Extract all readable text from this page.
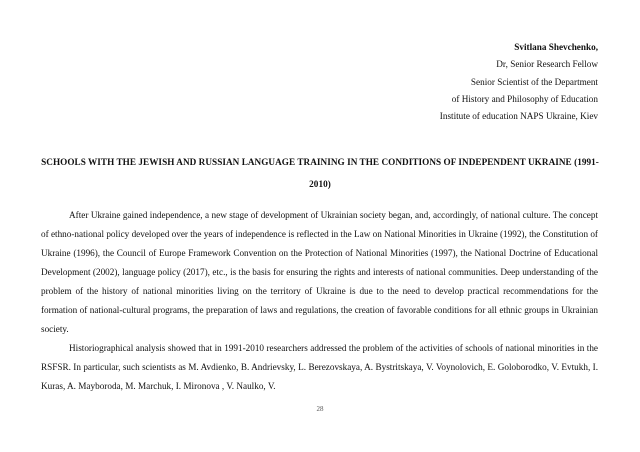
Svitlana Shevchenko,
Dr, Senior Research Fellow
Senior Scientist of the Department
of History and Philosophy of Education
Institute of education NAPS Ukraine, Kiev
SCHOOLS WITH THE JEWISH AND RUSSIAN LANGUAGE TRAINING IN THE CONDITIONS OF INDEPENDENT UKRAINE (1991-2010)

After Ukraine gained independence, a new stage of development of Ukrainian society began, and, accordingly, of national culture. The concept of ethno-national policy developed over the years of independence is reflected in the Law on National Minorities in Ukraine (1992), the Constitution of Ukraine (1996), the Council of Europe Framework Convention on the Protection of National Minorities (1997), the National Doctrine of Educational Development (2002), language policy (2017), etc., is the basis for ensuring the rights and interests of national communities. Deep understanding of the problem of the history of national minorities living on the territory of Ukraine is due to the need to develop practical recommendations for the formation of national-cultural programs, the preparation of laws and regulations, the creation of favorable conditions for all ethnic groups in Ukrainian society.

Historiographical analysis showed that in 1991-2010 researchers addressed the problem of the activities of schools of national minorities in the RSFSR. In particular, such scientists as M. Avdienko, B. Andrievsky, L. Berezovskaya, A. Bystritskaya, V. Voynolovich, E. Goloborodko, V. Evtukh, I. Kuras, A. Mayboroda, M. Marchuk, I. Mironova , V. Naulko, V.

28
